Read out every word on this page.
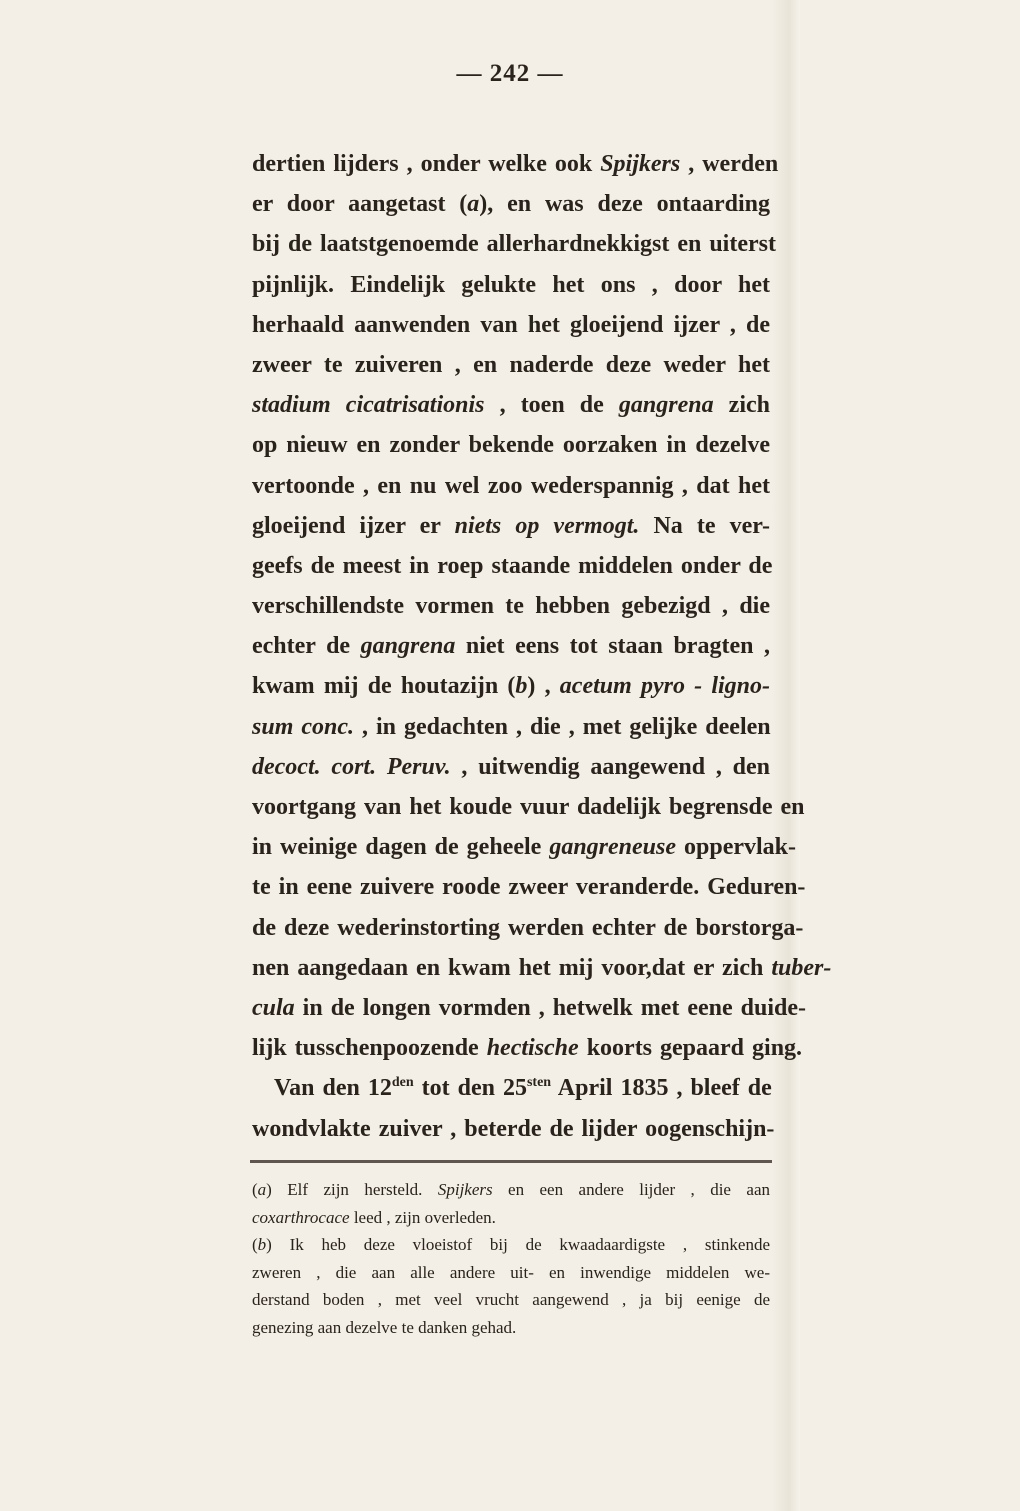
— 242 —
dertien lijders , onder welke ook Spijkers , werden
er door aangetast (a), en was deze ontaarding
bij de laatstgenoemde allerhardnekkigst en uiterst
pijnlijk. Eindelijk gelukte het ons , door het
herhaald aanwenden van het gloeijend ijzer , de
zweer te zuiveren , en naderde deze weder het
stadium cicatrisationis , toen de gangrena zich
op nieuw en zonder bekende oorzaken in dezelve
vertoonde , en nu wel zoo wederspannig , dat het
gloeijend ijzer er niets op vermogt. Na te ver-
geefs de meest in roep staande middelen onder de
verschillendste vormen te hebben gebezigd , die
echter de gangrena niet eens tot staan bragten ,
kwam mij de houtazijn (b) , acetum pyro - ligno-
sum conc. , in gedachten , die , met gelijke deelen
decoct. cort. Peruv. , uitwendig aangewend , den
voortgang van het koude vuur dadelijk begrensde en
in weinige dagen de geheele gangreneuse oppervlak-
te in eene zuivere roode zweer veranderde. Geduren-
de deze wederinstorting werden echter de borstorga-
nen aangedaan en kwam het mij voor,dat er zich tuber-
cula in de longen vormden , hetwelk met eene duide-
lijk tusschenpoozende hectische koorts gepaard ging.
Van den $12^{den}$ tot den $25^{sten}$ April 1835 , bleef de
wondvlakte zuiver , beterde de lijder oogenschijn-
(a) Elf zijn hersteld. Spijkers en een andere lijder , die aan
coxarthrocace leed , zijn overleden.
(b) Ik heb deze vloeistof bij de kwaadaardigste , stinkende
zweren , die aan alle andere uit- en inwendige middelen we-
derstand boden , met veel vrucht aangewend , ja bij eenige de
genezing aan dezelve te danken gehad.
